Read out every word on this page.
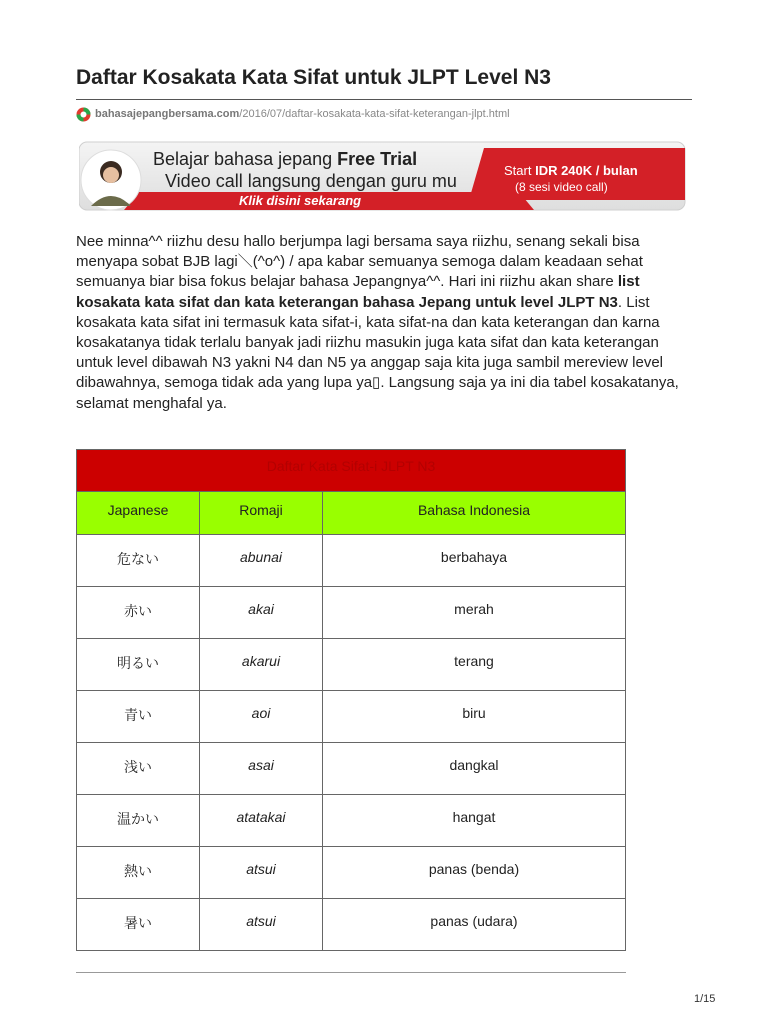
Daftar Kosakata Kata Sifat untuk JLPT Level N3
bahasajepangbersama.com /2016/07/daftar-kosakata-kata-sifat-keterangan-jlpt.html
Belajar bahasa jepang Free Trial
Video call langsung dengan guru mu
Klik disini sekarang
Start IDR 240K / bulan
(8 sesi video call)

Nee minna^^ riizhu desu hallo berjumpa lagi bersama saya riizhu, senang sekali bisa menyapa sobat BJB lagi＼(^o^) / apa kabar semuanya semoga dalam keadaan sehat semuanya biar bisa fokus belajar bahasa Jepangnya^^. Hari ini riizhu akan share list kosakata kata sifat dan kata keterangan bahasa Jepang untuk level JLPT N3. List kosakata kata sifat ini termasuk kata sifat-i, kata sifat-na dan kata keterangan dan karna kosakatanya tidak terlalu banyak jadi riizhu masukin juga kata sifat dan kata keterangan untuk level dibawah N3 yakni N4 dan N5 ya anggap saja kita juga sambil mereview level dibawahnya, semoga tidak ada yang lupa ya▯. Langsung saja ya ini dia tabel kosakatanya, selamat menghafal ya.

Daftar Kata Sifat-i JLPT N3		
Japanese	Romaji	Bahasa Indonesia
危ない	abunai	berbahaya
赤い	akai	merah
明るい	akarui	terang
青い	aoi	biru
浅い	asai	dangkal
温かい	atatakai	hangat
熱い	atsui	panas (benda)
暑い	atsui	panas (udara)
1/15
